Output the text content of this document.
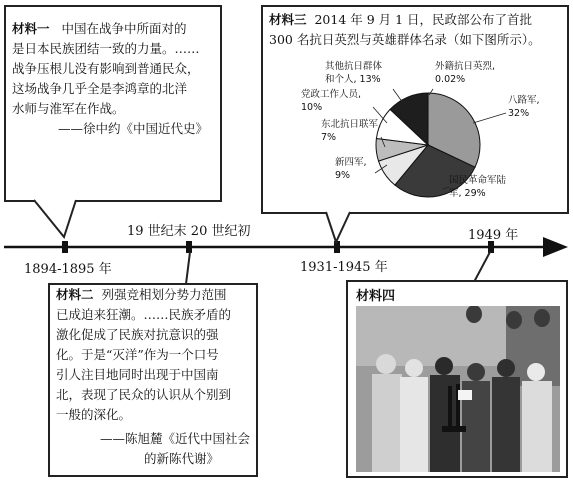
1894-1895 年
19 世纪末 20 世纪初
1931-1945 年
1949 年
材料一 中国在战争中所面对的
是日本民族团结一致的力量。……
战争压根儿没有影响到普通民众，
这场战争几乎全是李鸿章的北洋
水师与淮军在作战。
——徐中约《中国近代史》
材料二 列强竞相划分势力范围
已成迫来狂潮。……民族矛盾的
激化促成了民族对抗意识的强
化。于是“灭洋”作为一个口号
引人注目地同时出现于中国南
北，表现了民众的认识从个别到
一般的深化。
——陈旭麓《近代中国社会
的新陈代谢》
材料三 2014 年 9 月 1 日，民政部公布了首批
300 名抗日英烈与英雄群体名录（如下图所示）。
外籍抗日英烈,
0.02%
八路军,
32%
国民革命军陆
军, 29%
新四军,
9%
东北抗日联军,
7%
党政工作人员,
10%
其他抗日群体
和个人, 13%
材料四
